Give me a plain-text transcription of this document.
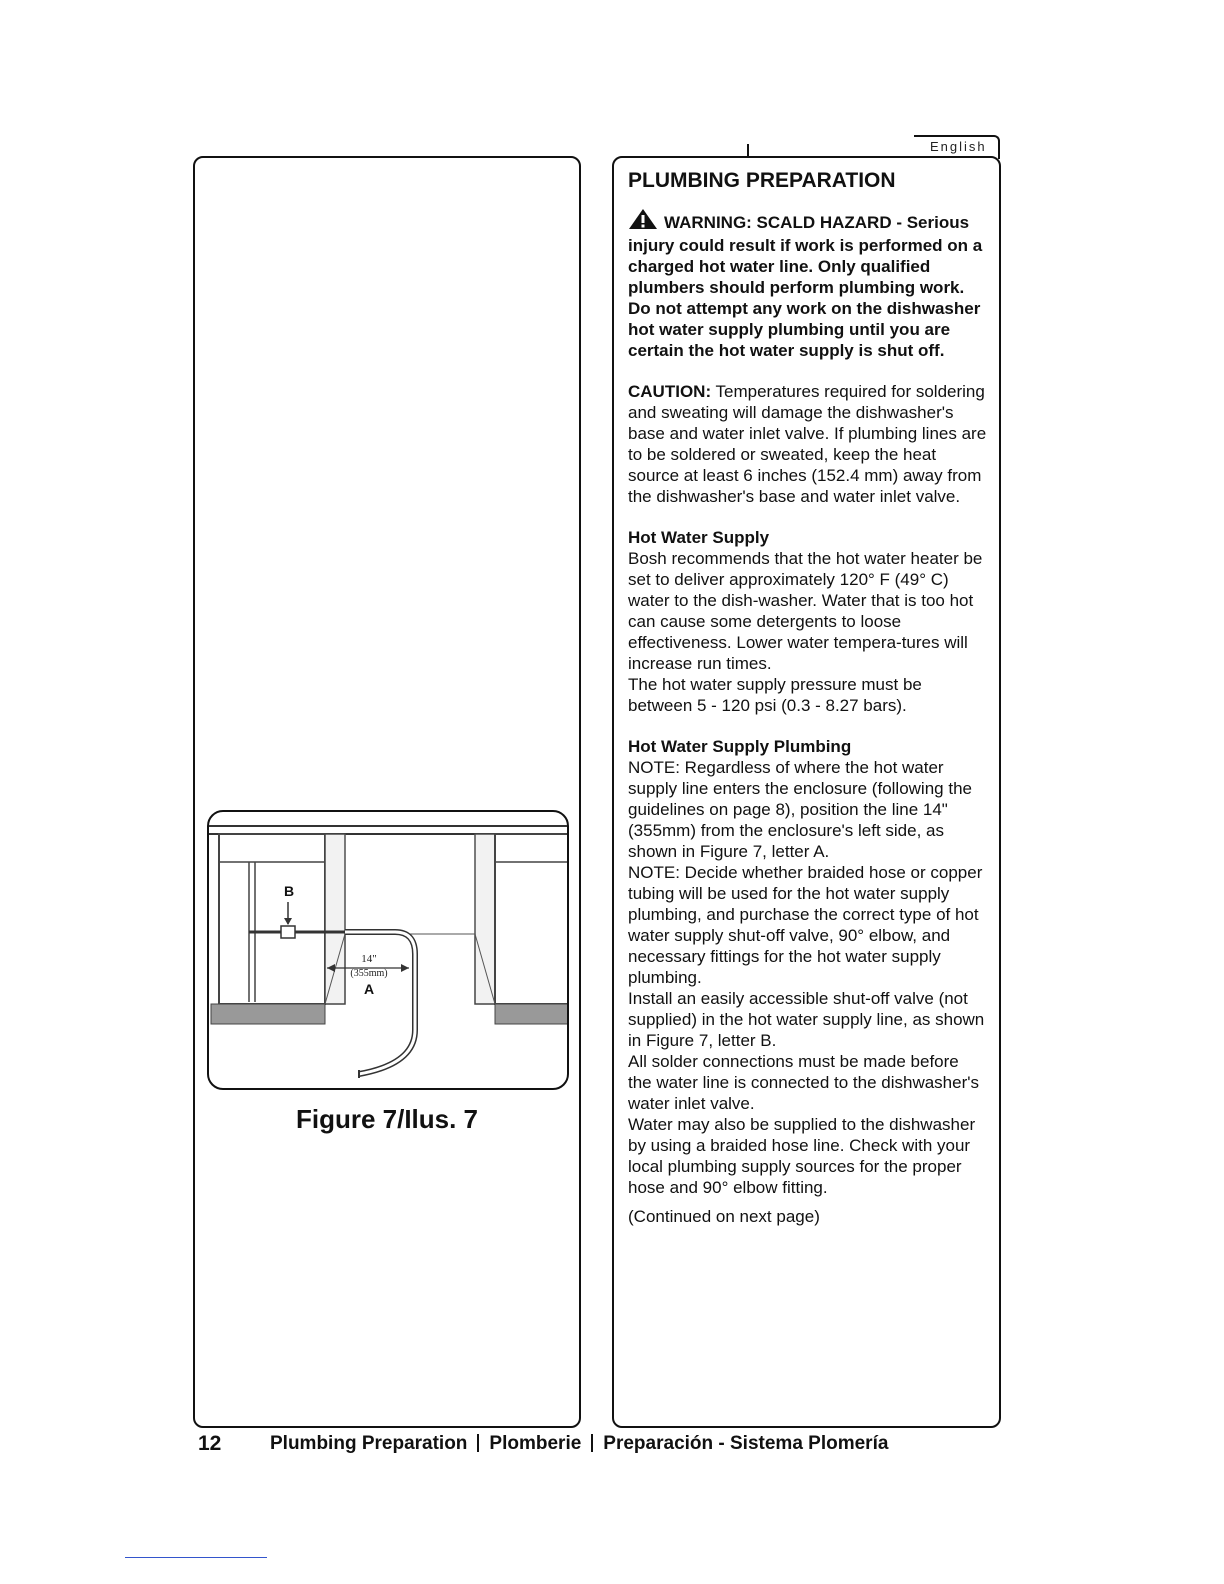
English
14"
(355mm)
A
B
Figure 7/Ilus. 7
PLUMBING PREPARATION

WARNING: SCALD HAZARD - Serious injury could result if work is performed on a charged hot water line. Only qualified plumbers should perform plumbing work. Do not attempt any work on the dishwasher hot water supply plumbing until you are certain the hot water supply is shut off.

CAUTION: Temperatures required for soldering and sweating will damage the dishwasher's base and water inlet valve. If plumbing lines are to be soldered or sweated, keep the heat source at least 6 inches (152.4 mm) away from the dishwasher's base and water inlet valve.

Hot Water Supply
Bosh recommends that the hot water heater be set to deliver approximately 120° F (49° C) water to the dish-washer. Water that is too hot can cause some detergents to loose effectiveness. Lower water tempera-tures will increase run times.
The hot water supply pressure must be between 5 - 120 psi (0.3 - 8.27 bars).
Hot Water Supply Plumbing
NOTE: Regardless of where the hot water supply line enters the enclosure (following the guidelines on page 8), position the line 14" (355mm) from the enclosure's left side, as shown in Figure 7, letter A.
NOTE: Decide whether braided hose or copper tubing will be used for the hot water supply plumbing, and purchase the correct type of hot water supply shut-off valve, 90° elbow, and necessary fittings for the hot water supply plumbing.
Install an easily accessible shut-off valve (not supplied) in the hot water supply line, as shown in Figure 7, letter B.
All solder connections must be made before the water line is connected to the dishwasher's water inlet valve.
Water may also be supplied to the dishwasher by using a braided hose line. Check with your local plumbing supply sources for the proper hose and 90° elbow fitting.

(Continued on next page)

12	Plumbing Preparation Plomberie Preparación - Sistema Plomería
